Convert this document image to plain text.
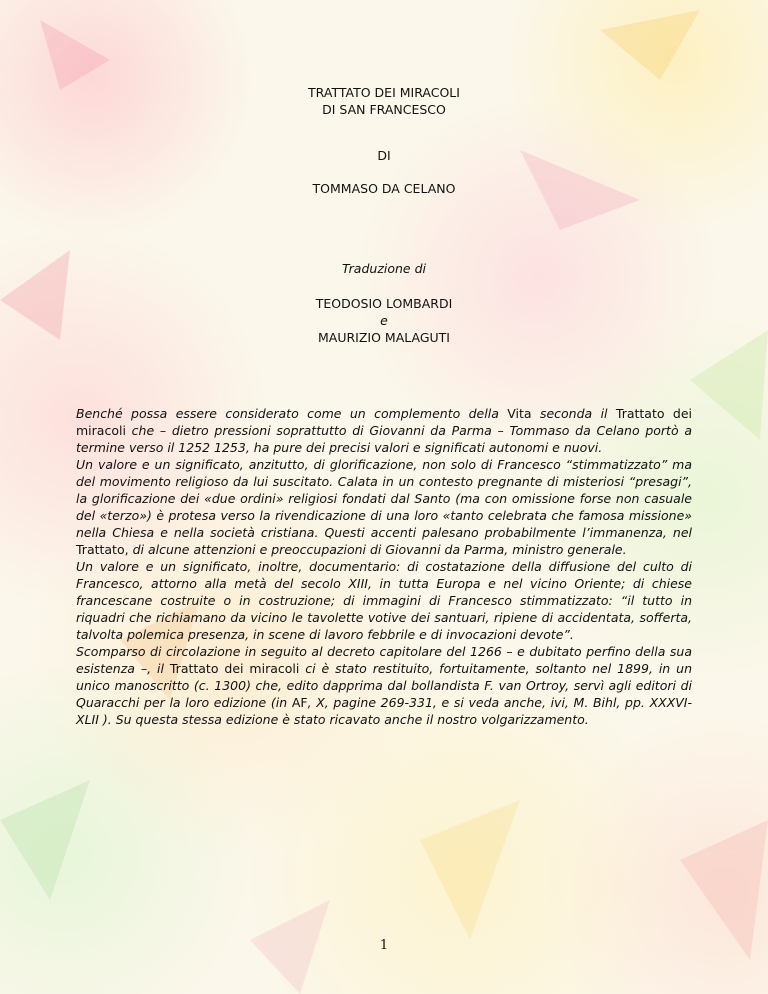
TRATTATO DEI MIRACOLI
DI SAN FRANCESCO
DI
TOMMASO DA CELANO
Traduzione di
TEODOSIO LOMBARDI
e
MAURIZIO MALAGUTI

Benché possa essere considerato come un complemento della Vita seconda il Trattato dei miracoli che – dietro pressioni soprattutto di Giovanni da Parma – Tommaso da Celano portò a termine verso il 1252 1253, ha pure dei precisi valori e significati autonomi e nuovi.

Un valore e un significato, anzitutto, di glorificazione, non solo di Francesco “stimmatizzato” ma del movimento religioso da lui suscitato. Calata in un contesto pregnante di misteriosi “presagi”, la glorificazione dei «due ordini» religiosi fondati dal Santo (ma con omissione forse non casuale del «terzo») è protesa verso la rivendicazione di una loro «tanto celebrata che famosa missione» nella Chiesa e nella società cristiana. Questi accenti palesano probabilmente l’immanenza, nel Trattato, di alcune attenzioni e preoccupazioni di Giovanni da Parma, ministro generale.

Un valore e un significato, inoltre, documentario: di costatazione della diffusione del culto di Francesco, attorno alla metà del secolo XIII, in tutta Europa e nel vicino Oriente; di chiese francescane costruite o in costruzione; di immagini di Francesco stimmatizzato: “il tutto in riquadri che richiamano da vicino le tavolette votive dei santuari, ripiene di accidentata, sofferta, talvolta polemica presenza, in scene di lavoro febbrile e di invocazioni devote”.

Scomparso di circolazione in seguito al decreto capitolare del 1266 – e dubitato perfino della sua esistenza –, il Trattato dei miracoli ci è stato restituito, fortuitamente, soltanto nel 1899, in un unico manoscritto (c. 1300) che, edito dapprima dal bollandista F. van Ortroy, servì agli editori di Quaracchi per la loro edizione (in AF, X, pagine 269-331, e si veda anche, ivi, M. Bihl, pp. XXXVI-XLII ). Su questa stessa edizione è stato ricavato anche il nostro volgarizzamento.

1
